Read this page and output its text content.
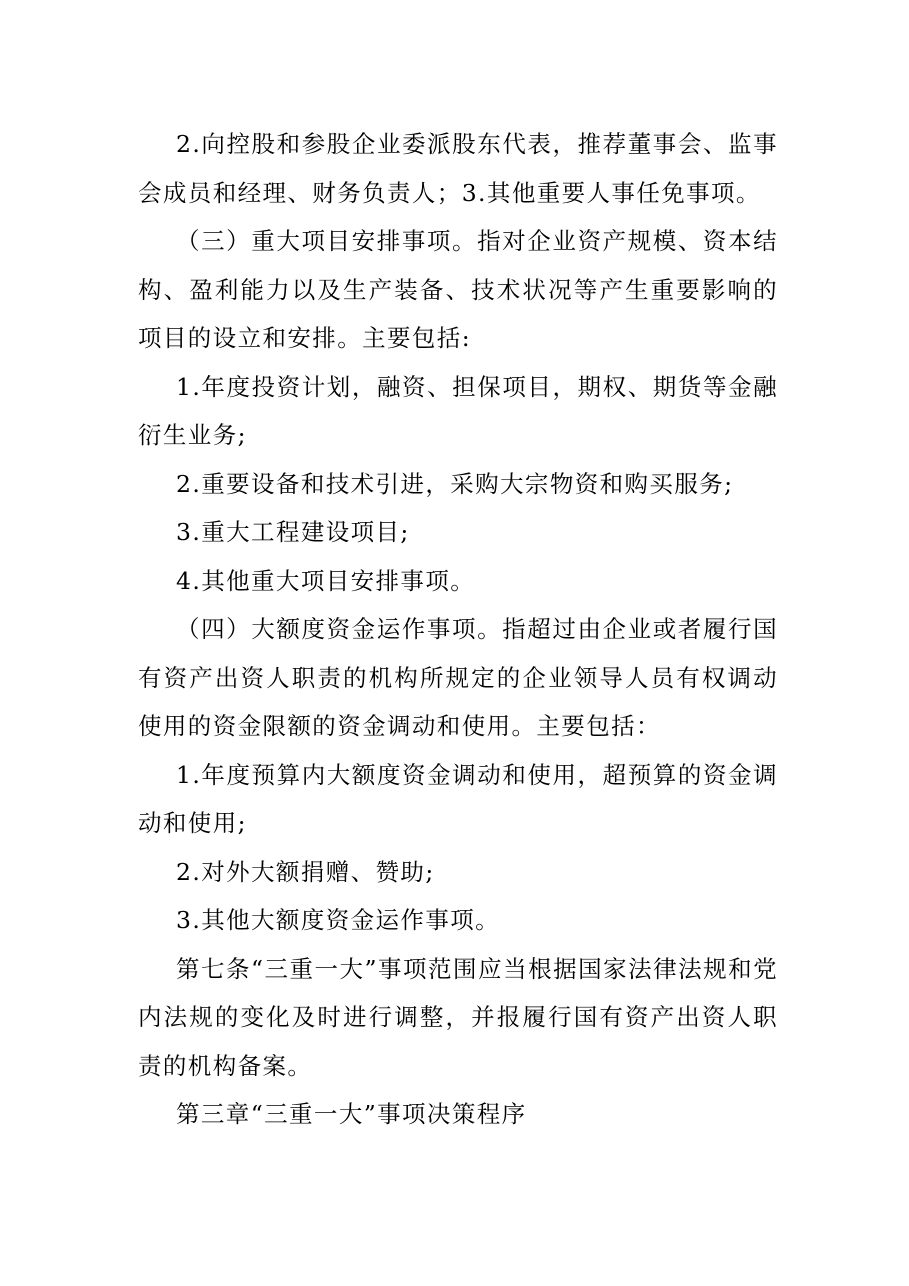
2.向控股和参股企业委派股东代表，推荐董事会、监事会成员和经理、财务负责人；3.其他重要人事任免事项。

（三）重大项目安排事项。指对企业资产规模、资本结构、盈利能力以及生产装备、技术状况等产生重要影响的项目的设立和安排。主要包括:

1.年度投资计划，融资、担保项目，期权、期货等金融衍生业务;

2.重要设备和技术引进，采购大宗物资和购买服务;

3.重大工程建设项目;

4.其他重大项目安排事项。

（四）大额度资金运作事项。指超过由企业或者履行国有资产出资人职责的机构所规定的企业领导人员有权调动使用的资金限额的资金调动和使用。主要包括：

1.年度预算内大额度资金调动和使用，超预算的资金调动和使用;

2.对外大额捐赠、赞助;

3.其他大额度资金运作事项。

第七条“三重一大”事项范围应当根据国家法律法规和党内法规的变化及时进行调整，并报履行国有资产出资人职责的机构备案。

第三章“三重一大”事项决策程序
